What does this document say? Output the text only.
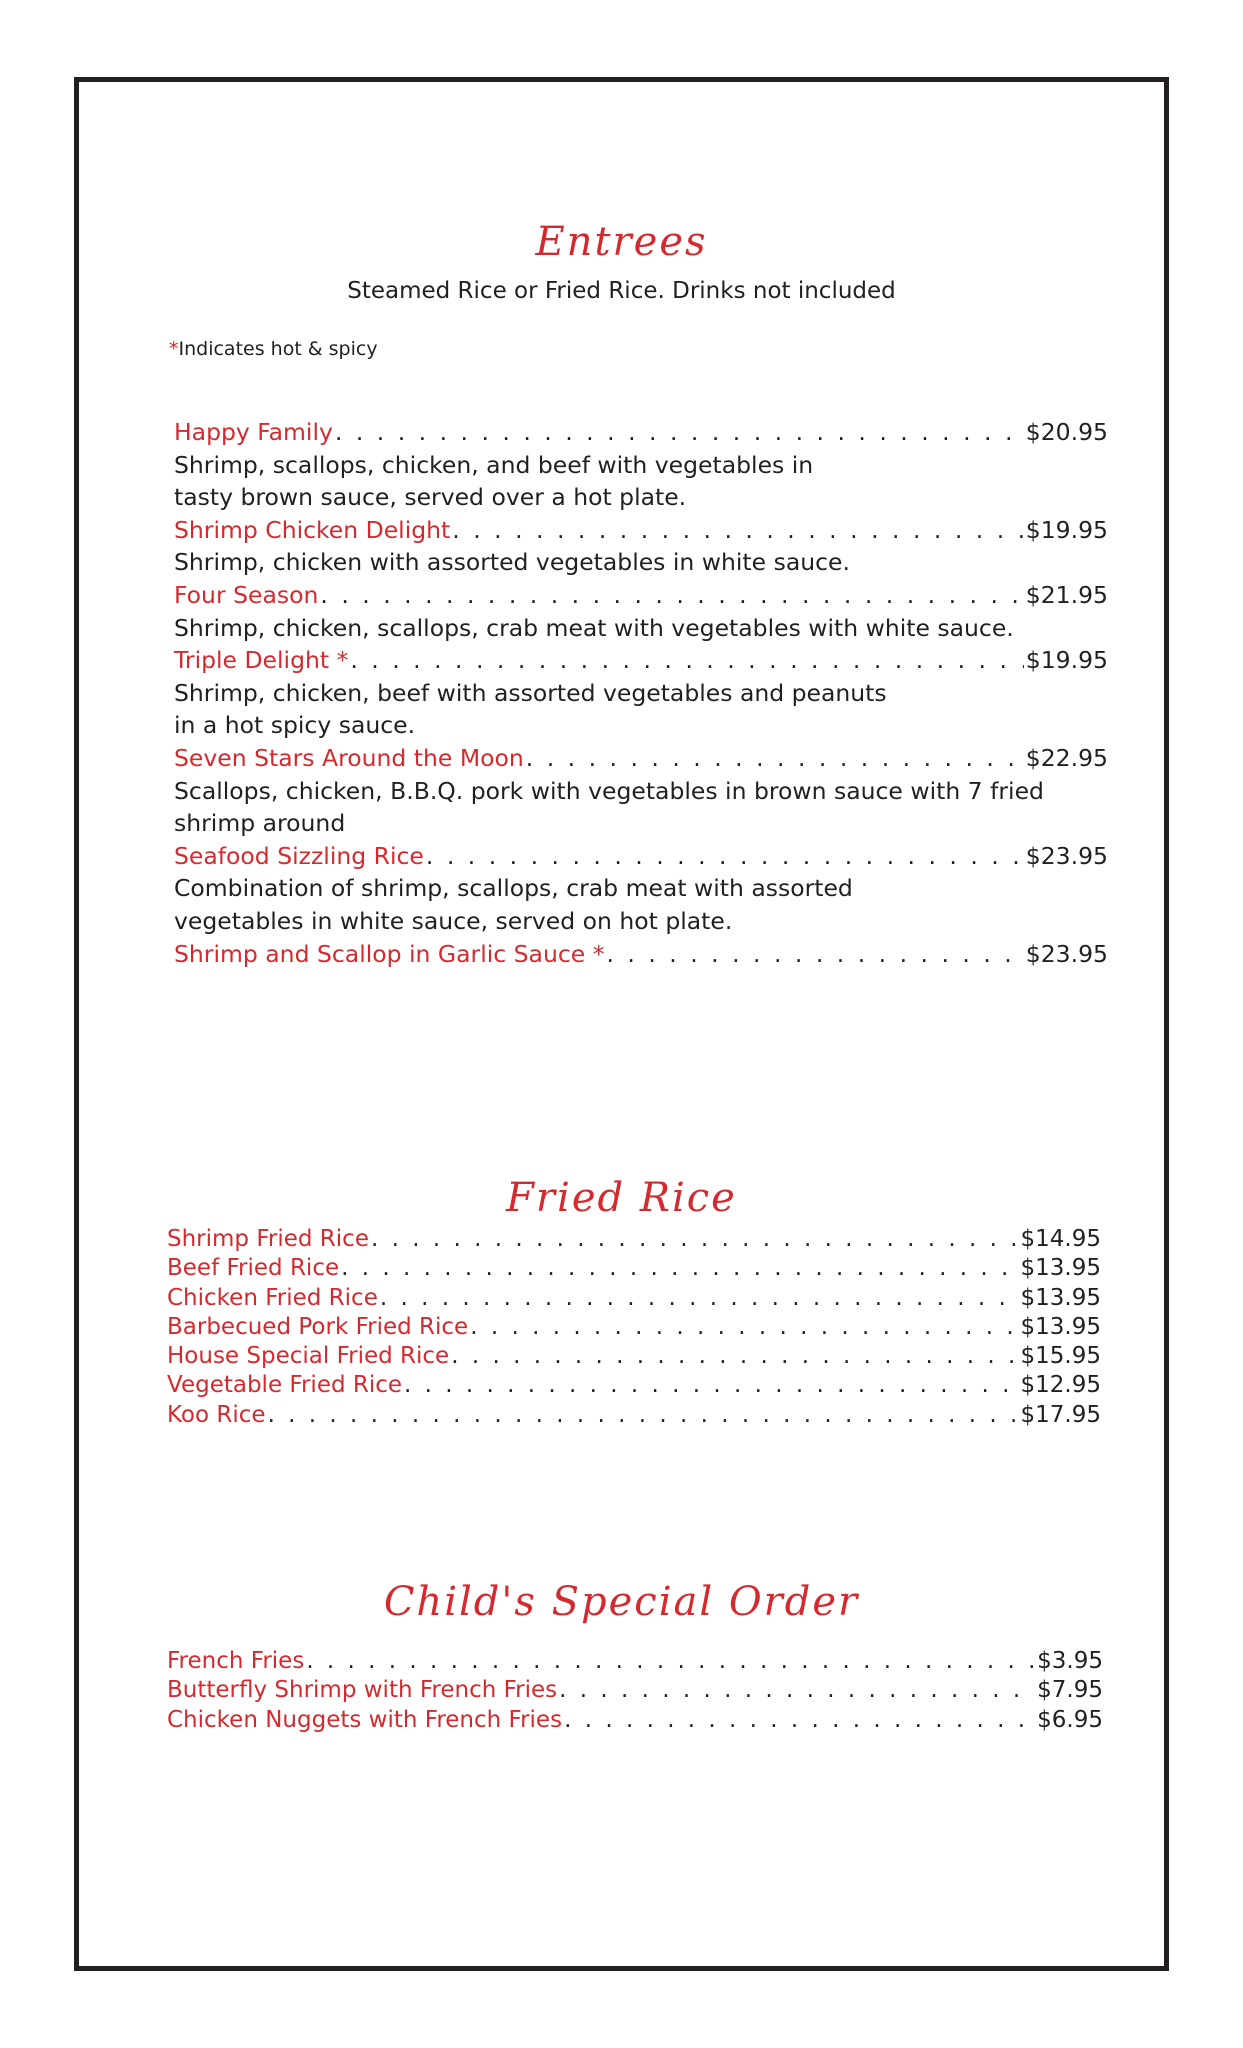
Entrees
Steamed Rice or Fried Rice. Drinks not included
*Indicates hot & spicy
Happy Family . . .	$20.95
Shrimp, scallops, chicken, and beef with vegetables in
tasty brown sauce, served over a hot plate.
Shrimp Chicken Delight . . .	$19.95
Shrimp, chicken with assorted vegetables in white sauce.
Four Season . . .	$21.95
Shrimp, chicken, scallops, crab meat with vegetables with white sauce.
Triple Delight * . . .	$19.95
Shrimp, chicken, beef with assorted vegetables and peanuts
in a hot spicy sauce.
Seven Stars Around the Moon . . .	$22.95
Scallops, chicken, B.B.Q. pork with vegetables in brown sauce with 7 fried
shrimp around
Seafood Sizzling Rice . . .	$23.95
Combination of shrimp, scallops, crab meat with assorted
vegetables in white sauce, served on hot plate.
Shrimp and Scallop in Garlic Sauce * . . .	$23.95
Fried Rice
Shrimp Fried Rice . . .	$14.95
Beef Fried Rice . . .	$13.95
Chicken Fried Rice . . .	$13.95
Barbecued Pork Fried Rice . . .	$13.95
House Special Fried Rice . . .	$15.95
Vegetable Fried Rice . . .	$12.95
Koo Rice . . .	$17.95
Child's Special Order
French Fries . . .	$3.95
Butterfly Shrimp with French Fries . . .	$7.95
Chicken Nuggets with French Fries . . .	$6.95
